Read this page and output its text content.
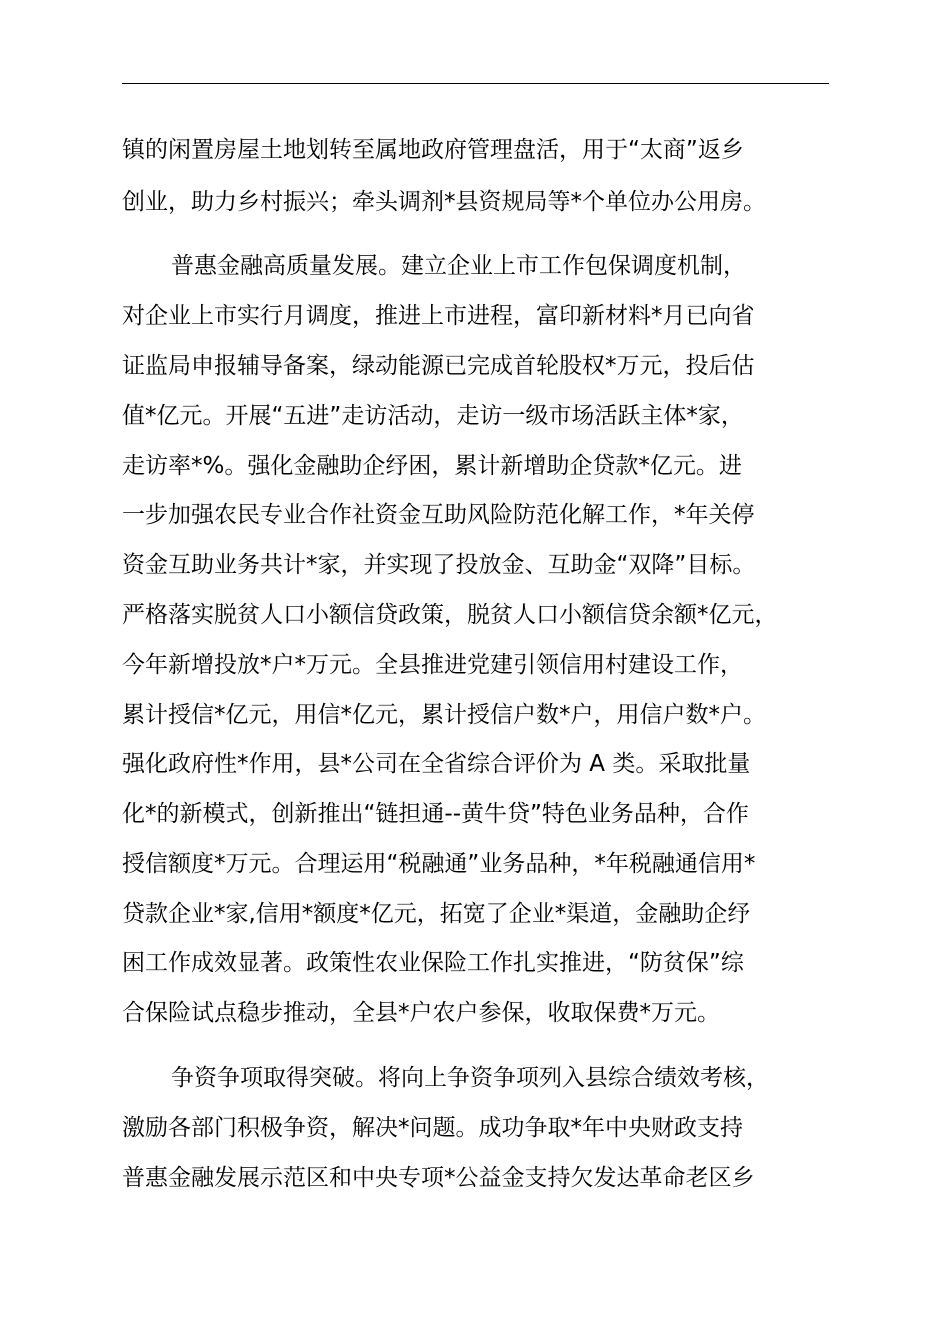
镇的闲置房屋土地划转至属地政府管理盘活，用于“太商”返乡
创业，助力乡村振兴；牵头调剂*县资规局等*个单位办公用房。
普惠金融高质量发展。建立企业上市工作包保调度机制，
对企业上市实行月调度，推进上市进程，富印新材料*月已向省
证监局申报辅导备案，绿动能源已完成首轮股权*万元，投后估
值*亿元。开展“五进”走访活动，走访一级市场活跃主体*家，
走访率*%。强化金融助企纾困，累计新增助企贷款*亿元。进
一步加强农民专业合作社资金互助风险防范化解工作，*年关停
资金互助业务共计*家，并实现了投放金、互助金“双降”目标。
严格落实脱贫人口小额信贷政策，脱贫人口小额信贷余额*亿元，
今年新增投放*户*万元。全县推进党建引领信用村建设工作，
累计授信*亿元，用信*亿元，累计授信户数*户，用信户数*户。
强化政府性*作用，县*公司在全省综合评价为 A 类。采取批量
化*的新模式，创新推出“链担通--黄牛贷”特色业务品种，合作
授信额度*万元。合理运用“税融通”业务品种，*年税融通信用*
贷款企业*家,信用*额度*亿元，拓宽了企业*渠道，金融助企纾
困工作成效显著。政策性农业保险工作扎实推进，“防贫保”综
合保险试点稳步推动，全县*户农户参保，收取保费*万元。
争资争项取得突破。将向上争资争项列入县综合绩效考核，
激励各部门积极争资，解决*问题。成功争取*年中央财政支持
普惠金融发展示范区和中央专项*公益金支持欠发达革命老区乡
